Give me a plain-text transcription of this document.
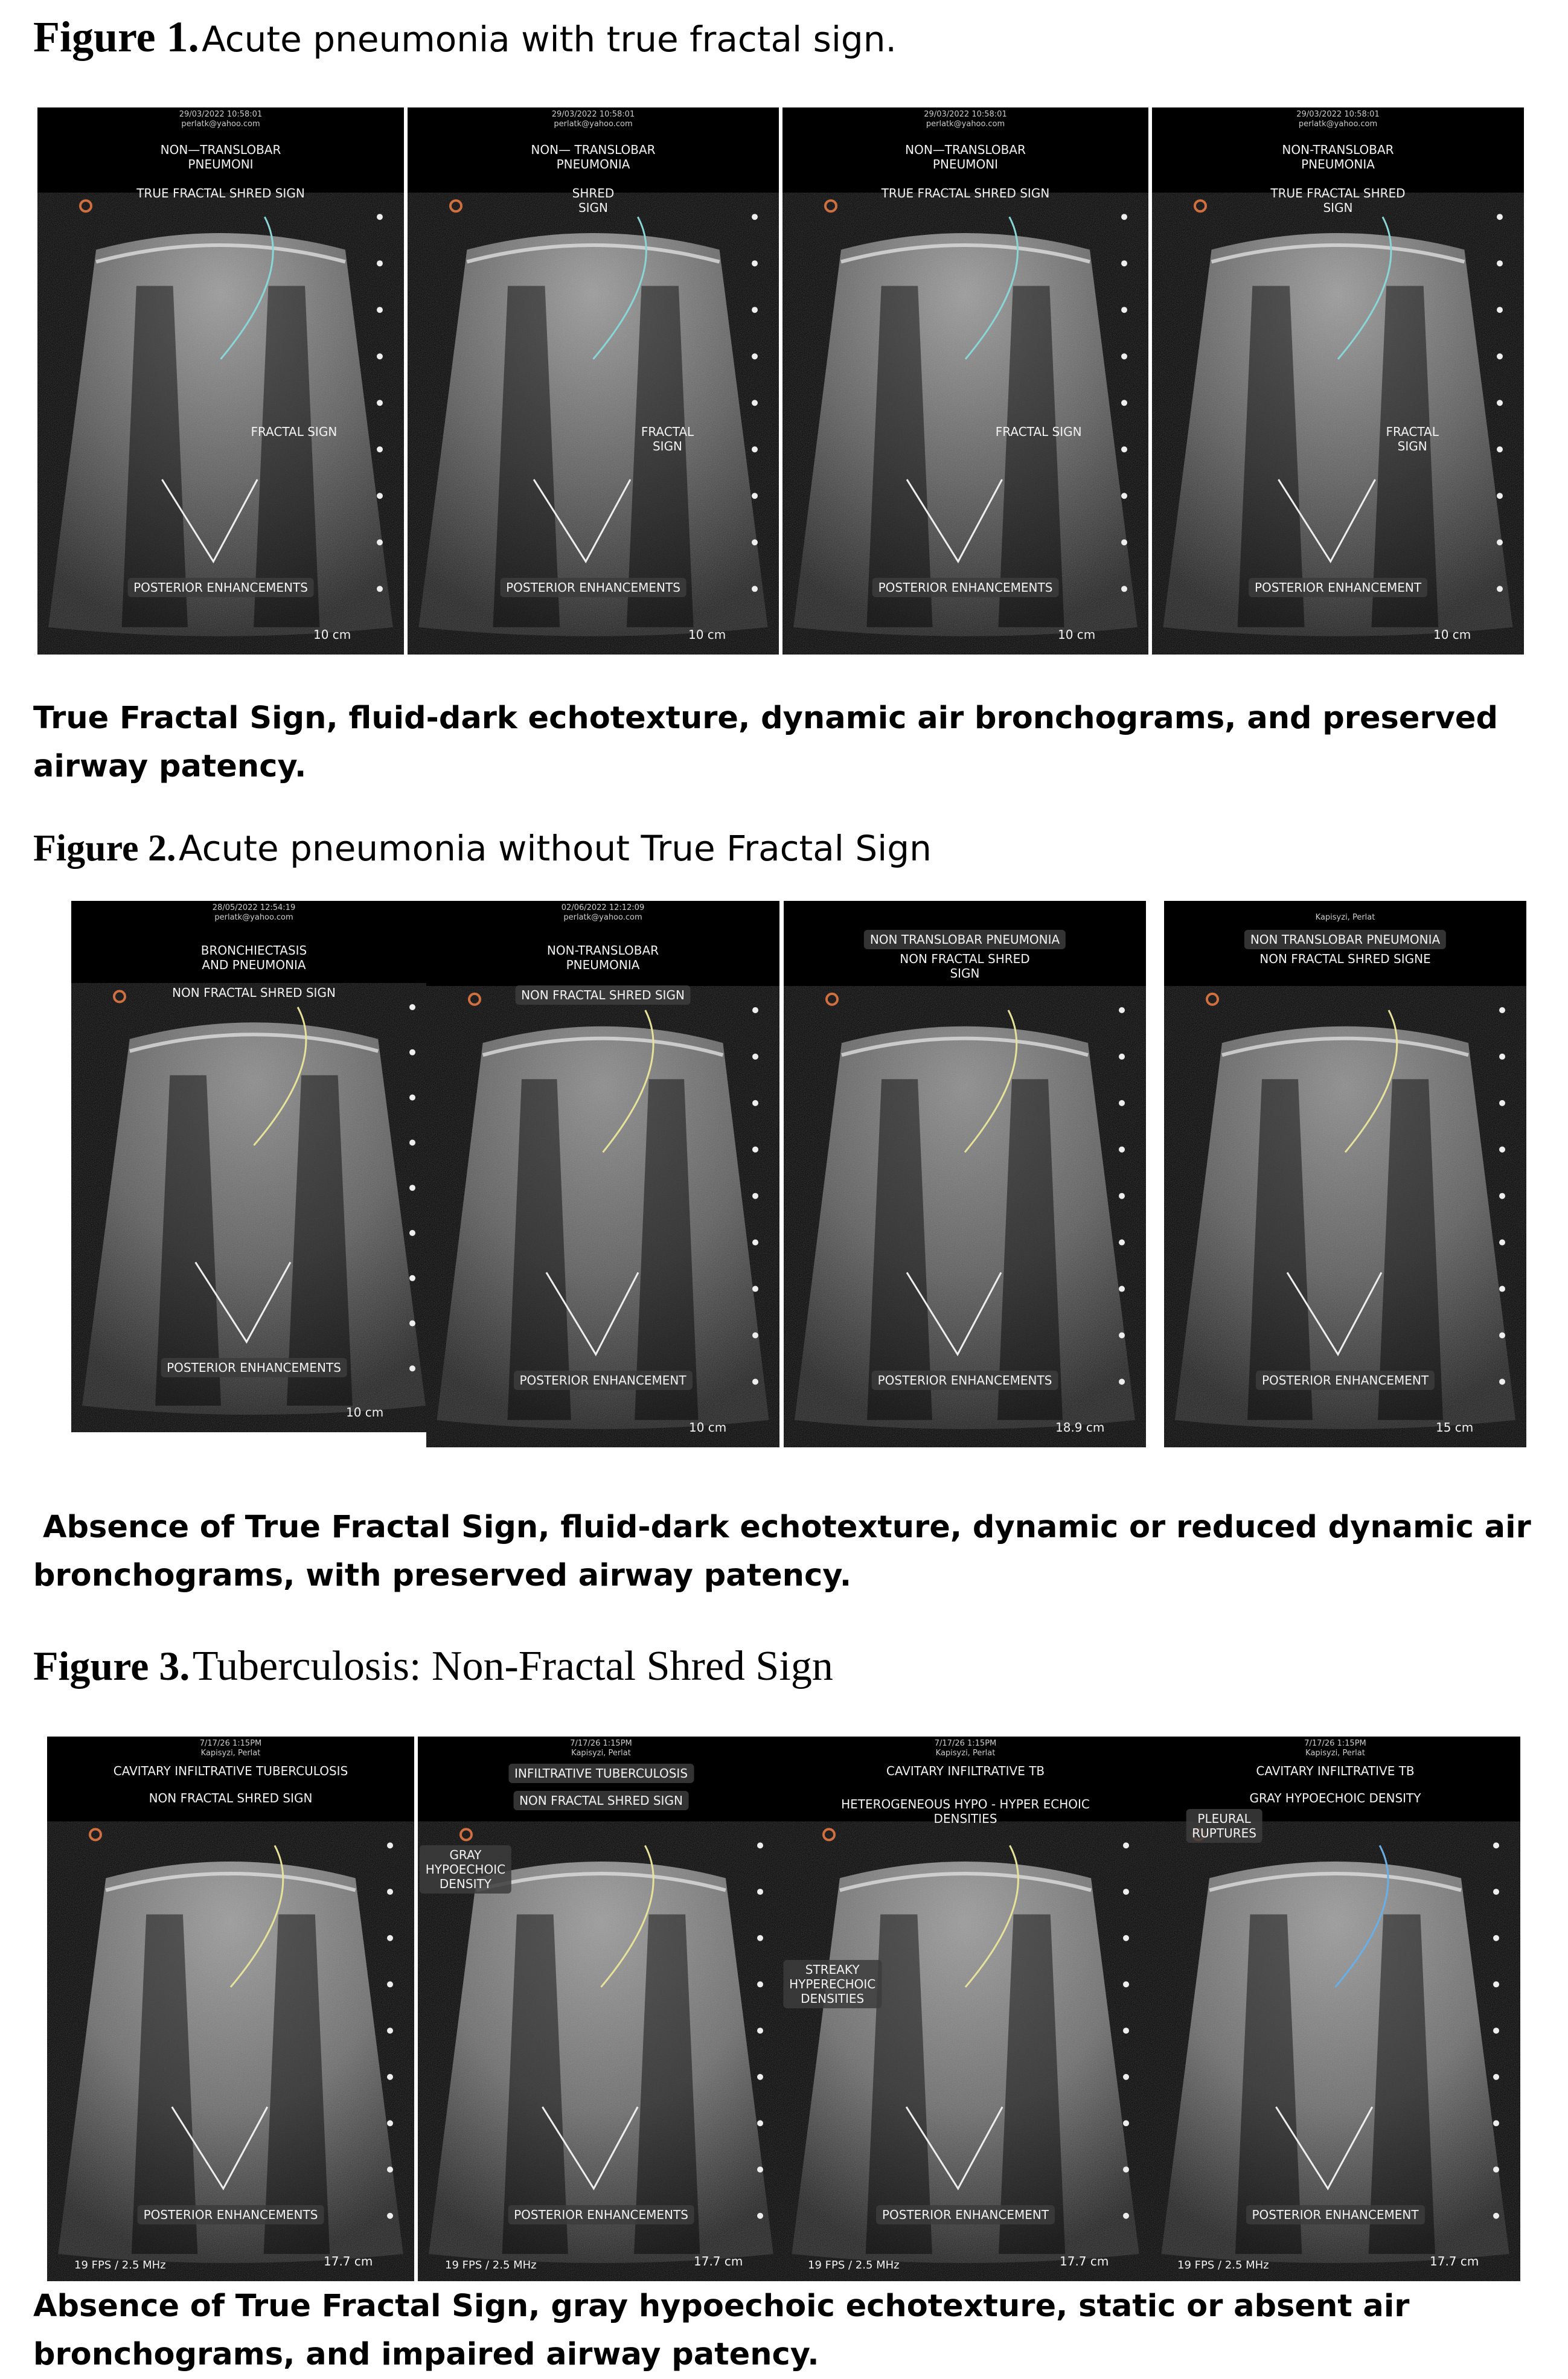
Figure 1. Acute pneumonia with true fractal sign.
29/03/2022 10:58:01
perlatk@yahoo.com
NON—TRANSLOBAR
PNEUMONI
TRUE FRACTAL SHRED SIGN
FRACTAL SIGN
POSTERIOR ENHANCEMENTS
10 cm
29/03/2022 10:58:01
perlatk@yahoo.com
NON— TRANSLOBAR
PNEUMONIA
SHRED
SIGN
FRACTAL
SIGN
POSTERIOR ENHANCEMENTS
10 cm
29/03/2022 10:58:01
perlatk@yahoo.com
NON—TRANSLOBAR
PNEUMONI
TRUE FRACTAL SHRED SIGN
FRACTAL SIGN
POSTERIOR ENHANCEMENTS
10 cm
29/03/2022 10:58:01
perlatk@yahoo.com
NON-TRANSLOBAR
PNEUMONIA
TRUE FRACTAL SHRED
SIGN
FRACTAL
SIGN
POSTERIOR ENHANCEMENT
10 cm
True Fractal Sign, fluid-dark echotexture, dynamic air bronchograms, and preserved airway patency.
Figure 2. Acute pneumonia without True Fractal Sign
28/05/2022 12:54:19
perlatk@yahoo.com
BRONCHIECTASIS
AND PNEUMONIA
NON FRACTAL SHRED SIGN
POSTERIOR ENHANCEMENTS
10 cm
02/06/2022 12:12:09
perlatk@yahoo.com
NON-TRANSLOBAR
PNEUMONIA
NON FRACTAL SHRED SIGN
POSTERIOR ENHANCEMENT
10 cm
NON TRANSLOBAR PNEUMONIA
NON FRACTAL SHRED
SIGN
POSTERIOR ENHANCEMENTS
18.9 cm
Kapisyzi, Perlat
NON TRANSLOBAR PNEUMONIA
NON FRACTAL SHRED SIGNE
POSTERIOR ENHANCEMENT
15 cm
Absence of True Fractal Sign, fluid-dark echotexture, dynamic or reduced dynamic air bronchograms, with preserved airway patency.
Figure 3. Tuberculosis: Non-Fractal Shred Sign
7/17/26 1:15PM
Kapisyzi, Perlat
CAVITARY INFILTRATIVE TUBERCULOSIS
NON FRACTAL SHRED SIGN
POSTERIOR ENHANCEMENTS
17.7 cm
19 FPS / 2.5 MHz
7/17/26 1:15PM
Kapisyzi, Perlat
INFILTRATIVE TUBERCULOSIS
NON FRACTAL SHRED SIGN
GRAY
HYPOECHOIC
DENSITY
POSTERIOR ENHANCEMENTS
17.7 cm
19 FPS / 2.5 MHz
7/17/26 1:15PM
Kapisyzi, Perlat
CAVITARY INFILTRATIVE TB
HETEROGENEOUS HYPO - HYPER ECHOIC
DENSITIES
STREAKY
HYPERECHOIC
DENSITIES
POSTERIOR ENHANCEMENT
17.7 cm
19 FPS / 2.5 MHz
7/17/26 1:15PM
Kapisyzi, Perlat
CAVITARY INFILTRATIVE TB
GRAY HYPOECHOIC DENSITY
PLEURAL
RUPTURES
POSTERIOR ENHANCEMENT
17.7 cm
19 FPS / 2.5 MHz
Absence of True Fractal Sign, gray hypoechoic echotexture, static or absent air bronchograms, and impaired airway patency.
